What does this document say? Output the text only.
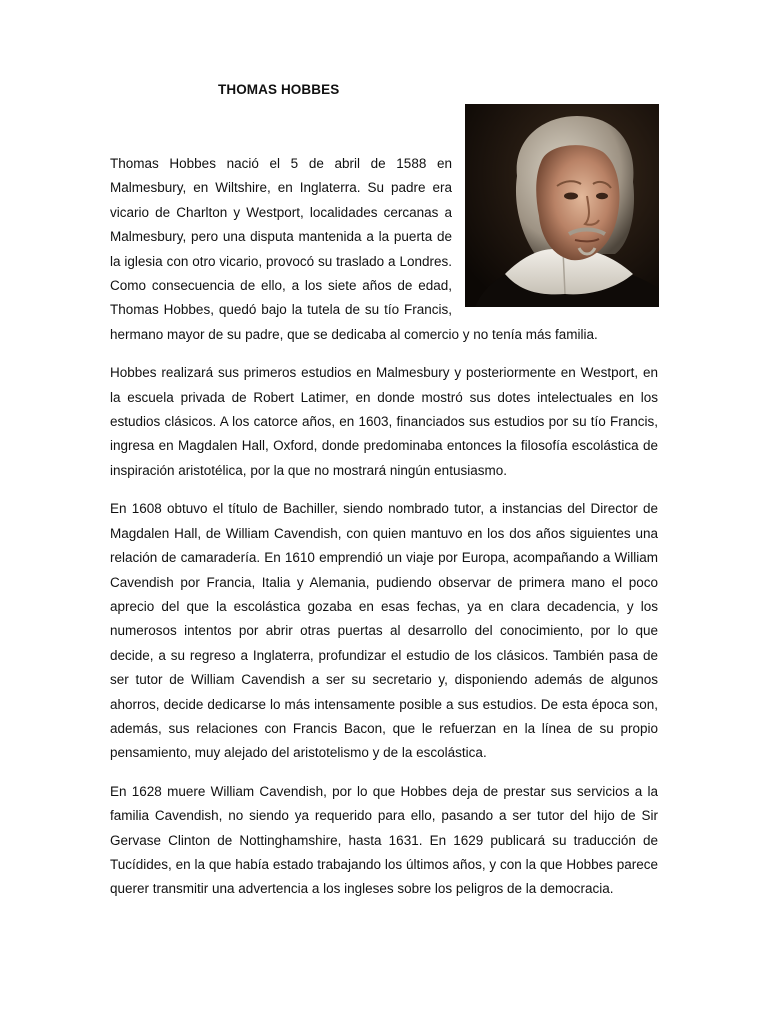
THOMAS HOBBES

Thomas Hobbes nació el 5 de abril de 1588 en Malmesbury, en Wiltshire, en Inglaterra. Su padre era vicario de Charlton y Westport, localidades cercanas a Malmesbury, pero una disputa mantenida a la puerta de la iglesia con otro vicario, provocó su traslado a Londres. Como consecuencia de ello, a los siete años de edad, Thomas Hobbes, quedó bajo la tutela de su tío Francis, hermano mayor de su padre, que se dedicaba al comercio y no tenía más familia.

Hobbes realizará sus primeros estudios en Malmesbury y posteriormente en Westport, en la escuela privada de Robert Latimer, en donde mostró sus dotes intelectuales en los estudios clásicos. A los catorce años, en 1603, financiados sus estudios por su tío Francis, ingresa en Magdalen Hall, Oxford, donde predominaba entonces la filosofía escolástica de inspiración aristotélica, por la que no mostrará ningún entusiasmo.

En 1608 obtuvo el título de Bachiller, siendo nombrado tutor, a instancias del Director de Magdalen Hall, de William Cavendish, con quien mantuvo en los dos años siguientes una relación de camaradería. En 1610 emprendió un viaje por Europa, acompañando a William Cavendish por Francia, Italia y Alemania, pudiendo observar de primera mano el poco aprecio del que la escolástica gozaba en esas fechas, ya en clara decadencia, y los numerosos intentos por abrir otras puertas al desarrollo del conocimiento, por lo que decide, a su regreso a Inglaterra, profundizar el estudio de los clásicos. También pasa de ser tutor de William Cavendish a ser su secretario y, disponiendo además de algunos ahorros, decide dedicarse lo más intensamente posible a sus estudios. De esta época son, además, sus relaciones con Francis Bacon, que le refuerzan en la línea de su propio pensamiento, muy alejado del aristotelismo y de la escolástica.

En 1628 muere William Cavendish, por lo que Hobbes deja de prestar sus servicios a la familia Cavendish, no siendo ya requerido para ello, pasando a ser tutor del hijo de Sir Gervase Clinton de Nottinghamshire, hasta 1631. En 1629 publicará su traducción de Tucídides, en la que había estado trabajando los últimos años, y con la que Hobbes parece querer transmitir una advertencia a los ingleses sobre los peligros de la democracia.
